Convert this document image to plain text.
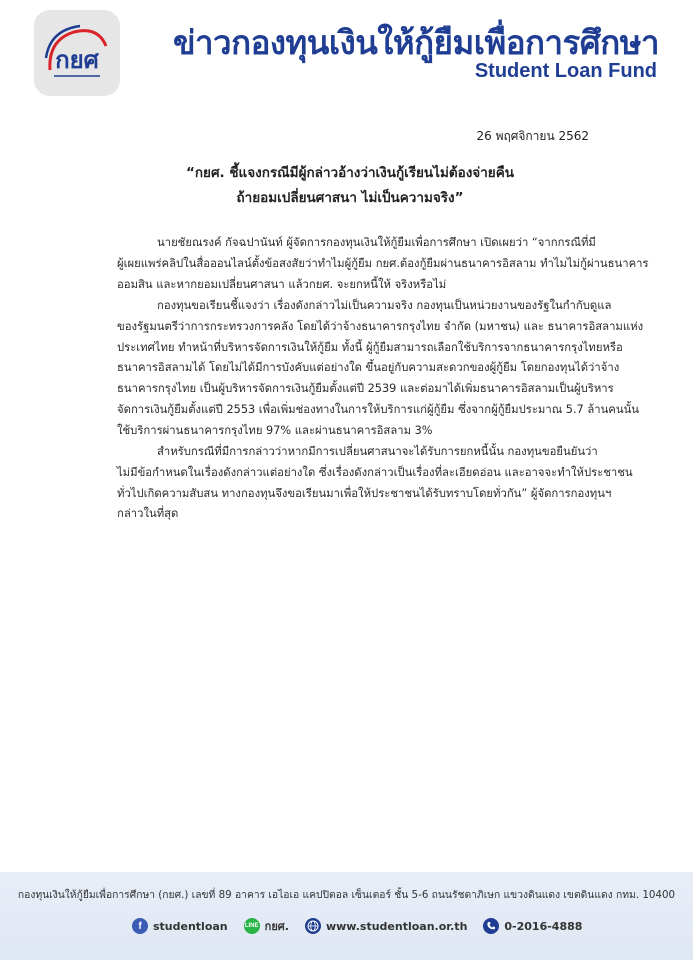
กยศ ข่าวกองทุนเงินให้กู้ยืมเพื่อการศึกษา
Student Loan Fund
26 พฤศจิกายน 2562
“กยศ. ชี้แจงกรณีมีผู้กล่าวอ้างว่าเงินกู้เรียนไม่ต้องจ่ายคืน
ถ้ายอมเปลี่ยนศาสนา ไม่เป็นความจริง”
นายชัยณรงค์ กัจฉปานันท์ ผู้จัดการกองทุนเงินให้กู้ยืมเพื่อการศึกษา เปิดเผยว่า “จากกรณีที่มี
ผู้เผยแพร่คลิปในสื่อออนไลน์ตั้งข้อสงสัยว่าทำไมผู้กู้ยืม กยศ.ต้องกู้ยืมผ่านธนาคารอิสลาม ทำไมไม่กู้ผ่านธนาคาร
ออมสิน และหากยอมเปลี่ยนศาสนา แล้วกยศ. จะยกหนี้ให้ จริงหรือไม่
กองทุนขอเรียนชี้แจงว่า เรื่องดังกล่าวไม่เป็นความจริง กองทุนเป็นหน่วยงานของรัฐในกำกับดูแล
ของรัฐมนตรีว่าการกระทรวงการคลัง โดยได้ว่าจ้างธนาคารกรุงไทย จำกัด (มหาชน) และ ธนาคารอิสลามแห่ง
ประเทศไทย ทำหน้าที่บริหารจัดการเงินให้กู้ยืม ทั้งนี้ ผู้กู้ยืมสามารถเลือกใช้บริการจากธนาคารกรุงไทยหรือ
ธนาคารอิสลามได้ โดยไม่ได้มีการบังคับแต่อย่างใด ขึ้นอยู่กับความสะดวกของผู้กู้ยืม โดยกองทุนได้ว่าจ้าง
ธนาคารกรุงไทย เป็นผู้บริหารจัดการเงินกู้ยืมตั้งแต่ปี 2539 และต่อมาได้เพิ่มธนาคารอิสลามเป็นผู้บริหาร
จัดการเงินกู้ยืมตั้งแต่ปี 2553 เพื่อเพิ่มช่องทางในการให้บริการแก่ผู้กู้ยืม ซึ่งจากผู้กู้ยืมประมาณ 5.7 ล้านคนนั้น
ใช้บริการผ่านธนาคารกรุงไทย 97% และผ่านธนาคารอิสลาม 3%
สำหรับกรณีที่มีการกล่าวว่าหากมีการเปลี่ยนศาสนาจะได้รับการยกหนี้นั้น กองทุนขอยืนยันว่า
ไม่มีข้อกำหนดในเรื่องดังกล่าวแต่อย่างใด ซึ่งเรื่องดังกล่าวเป็นเรื่องที่ละเอียดอ่อน และอาจจะทำให้ประชาชน
ทั่วไปเกิดความสับสน ทางกองทุนจึงขอเรียนมาเพื่อให้ประชาชนได้รับทราบโดยทั่วกัน” ผู้จัดการกองทุนฯ
กล่าวในที่สุด
กองทุนเงินให้กู้ยืมเพื่อการศึกษา (กยศ.) เลขที่ 89 อาคาร เอไอเอ แคปปิตอล เซ็นเตอร์ ชั้น 5-6 ถนนรัชดาภิเษก แขวงดินแดง เขตดินแดง กทม. 10400
f	studentloan	LINE กยศ.	www.studentloan.or.th	0-2016-4888
